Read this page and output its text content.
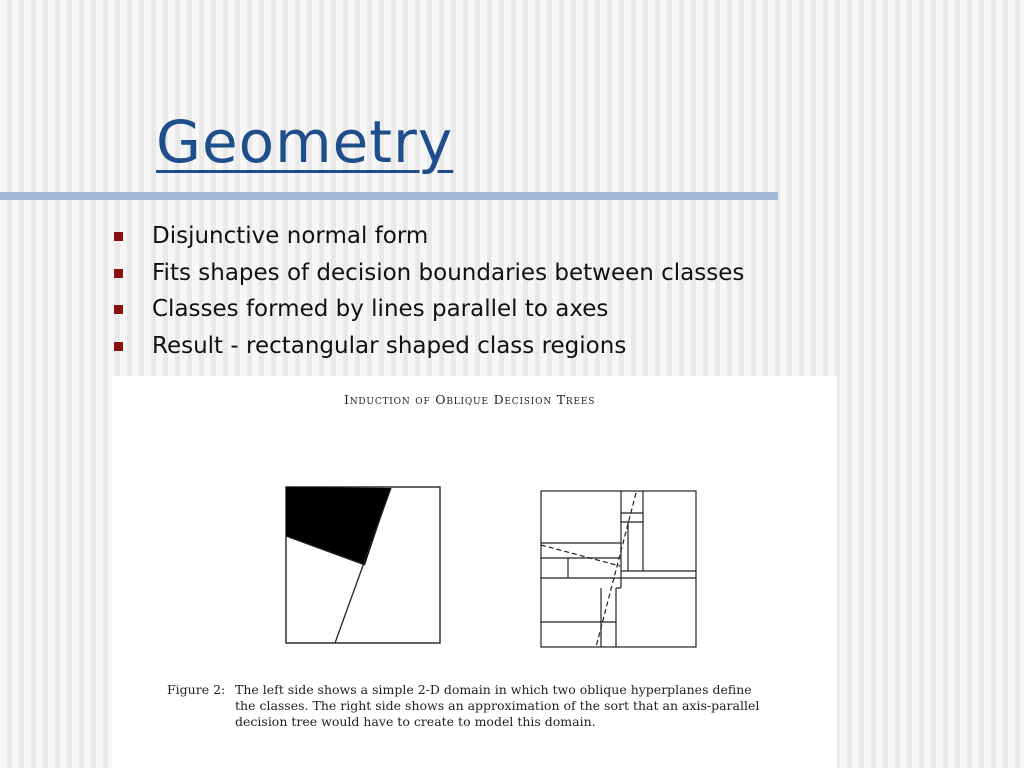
Geometry
Disjunctive normal form
Fits shapes of decision boundaries between classes
Classes formed by lines parallel to axes
Result - rectangular shaped class regions
Induction of Oblique Decision Trees
Figure 2: The left side shows a simple 2-D domain in which two oblique hyperplanes define
the classes. The right side shows an approximation of the sort that an axis-parallel
decision tree would have to create to model this domain.
